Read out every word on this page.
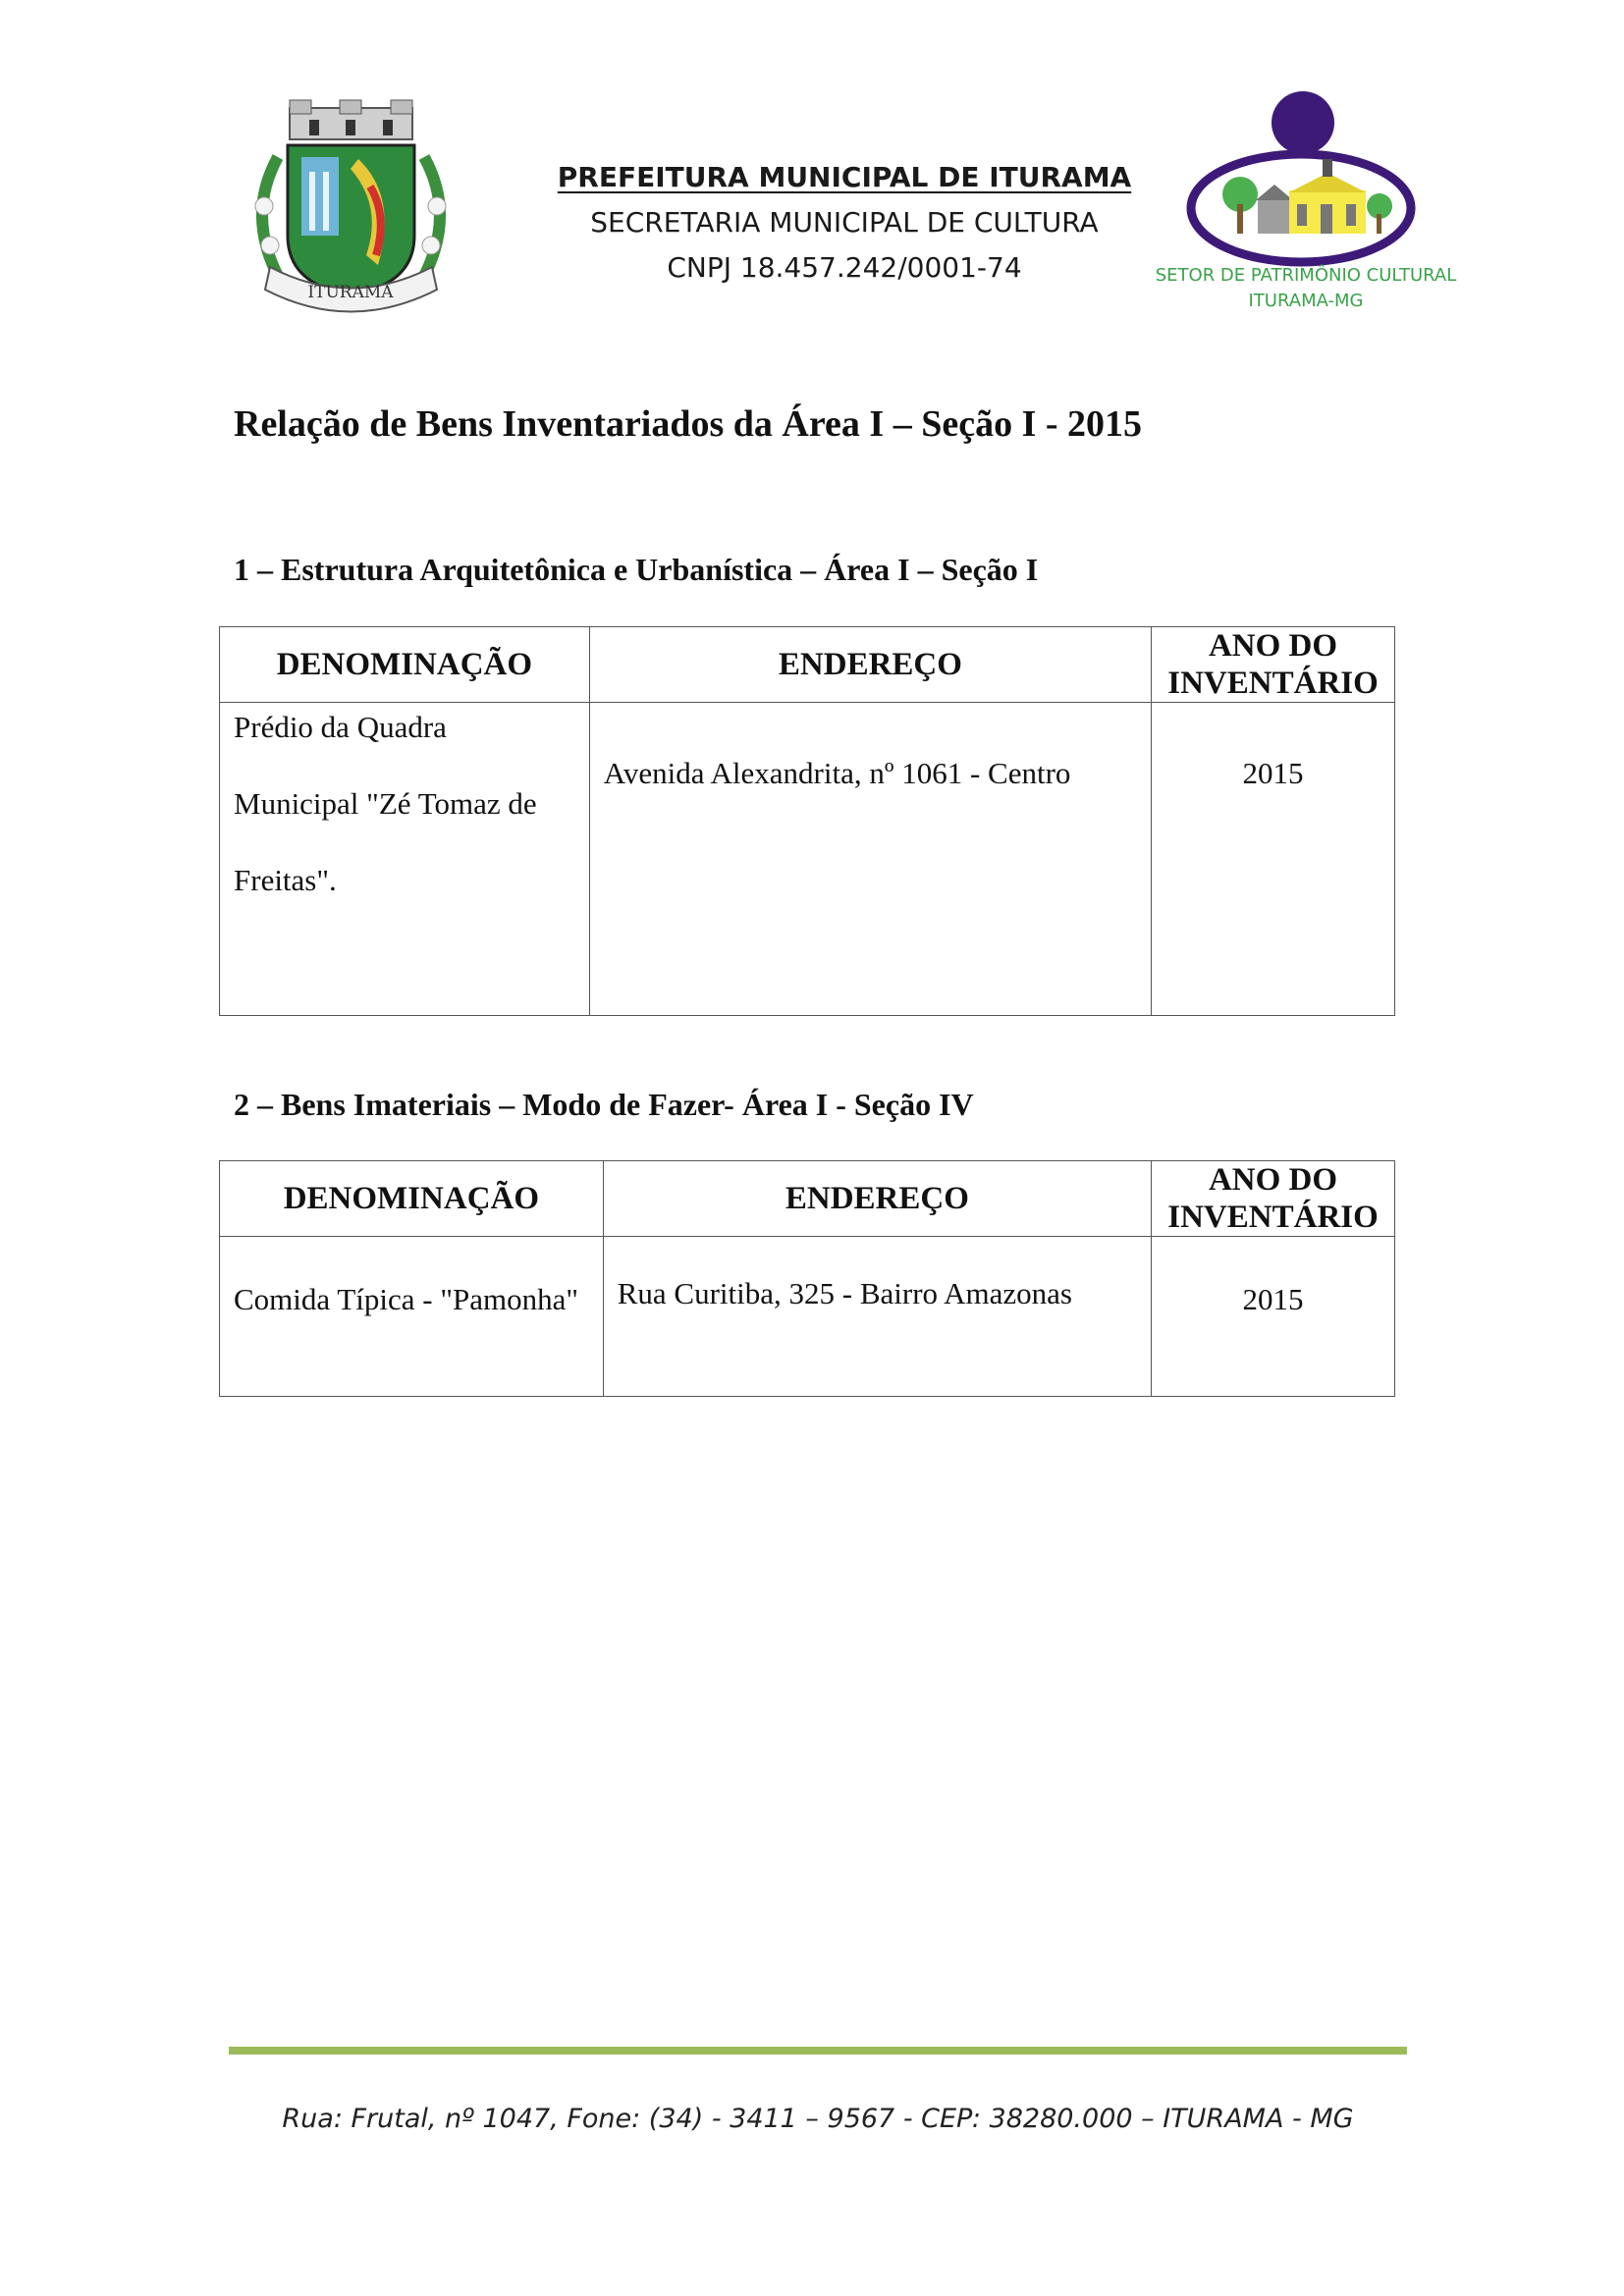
ITURAMA
PREFEITURA MUNICIPAL DE ITURAMA
SECRETARIA MUNICIPAL DE CULTURA
CNPJ 18.457.242/0001-74	SETOR DE PATRIMÔNIO CULTURAL
ITURAMA-MG
Relação de Bens Inventariados da Área I – Seção I - 2015
1 – Estrutura Arquitetônica e Urbanística – Área I – Seção I
DENOMINAÇÃO	ENDEREÇO	ANO DO INVENTÁRIO

Prédio da Quadra Municipal "Zé Tomaz de Freitas".	Avenida Alexandrita, nº 1061 - Centro	2015
2 – Bens Imateriais – Modo de Fazer- Área I - Seção IV
DENOMINAÇÃO	ENDEREÇO	ANO DO INVENTÁRIO
Comida Típica - "Pamonha"	Rua Curitiba, 325 - Bairro Amazonas	2015
Rua: Frutal, nº 1047, Fone: (34) - 3411 – 9567 - CEP: 38280.000 – ITURAMA - MG
